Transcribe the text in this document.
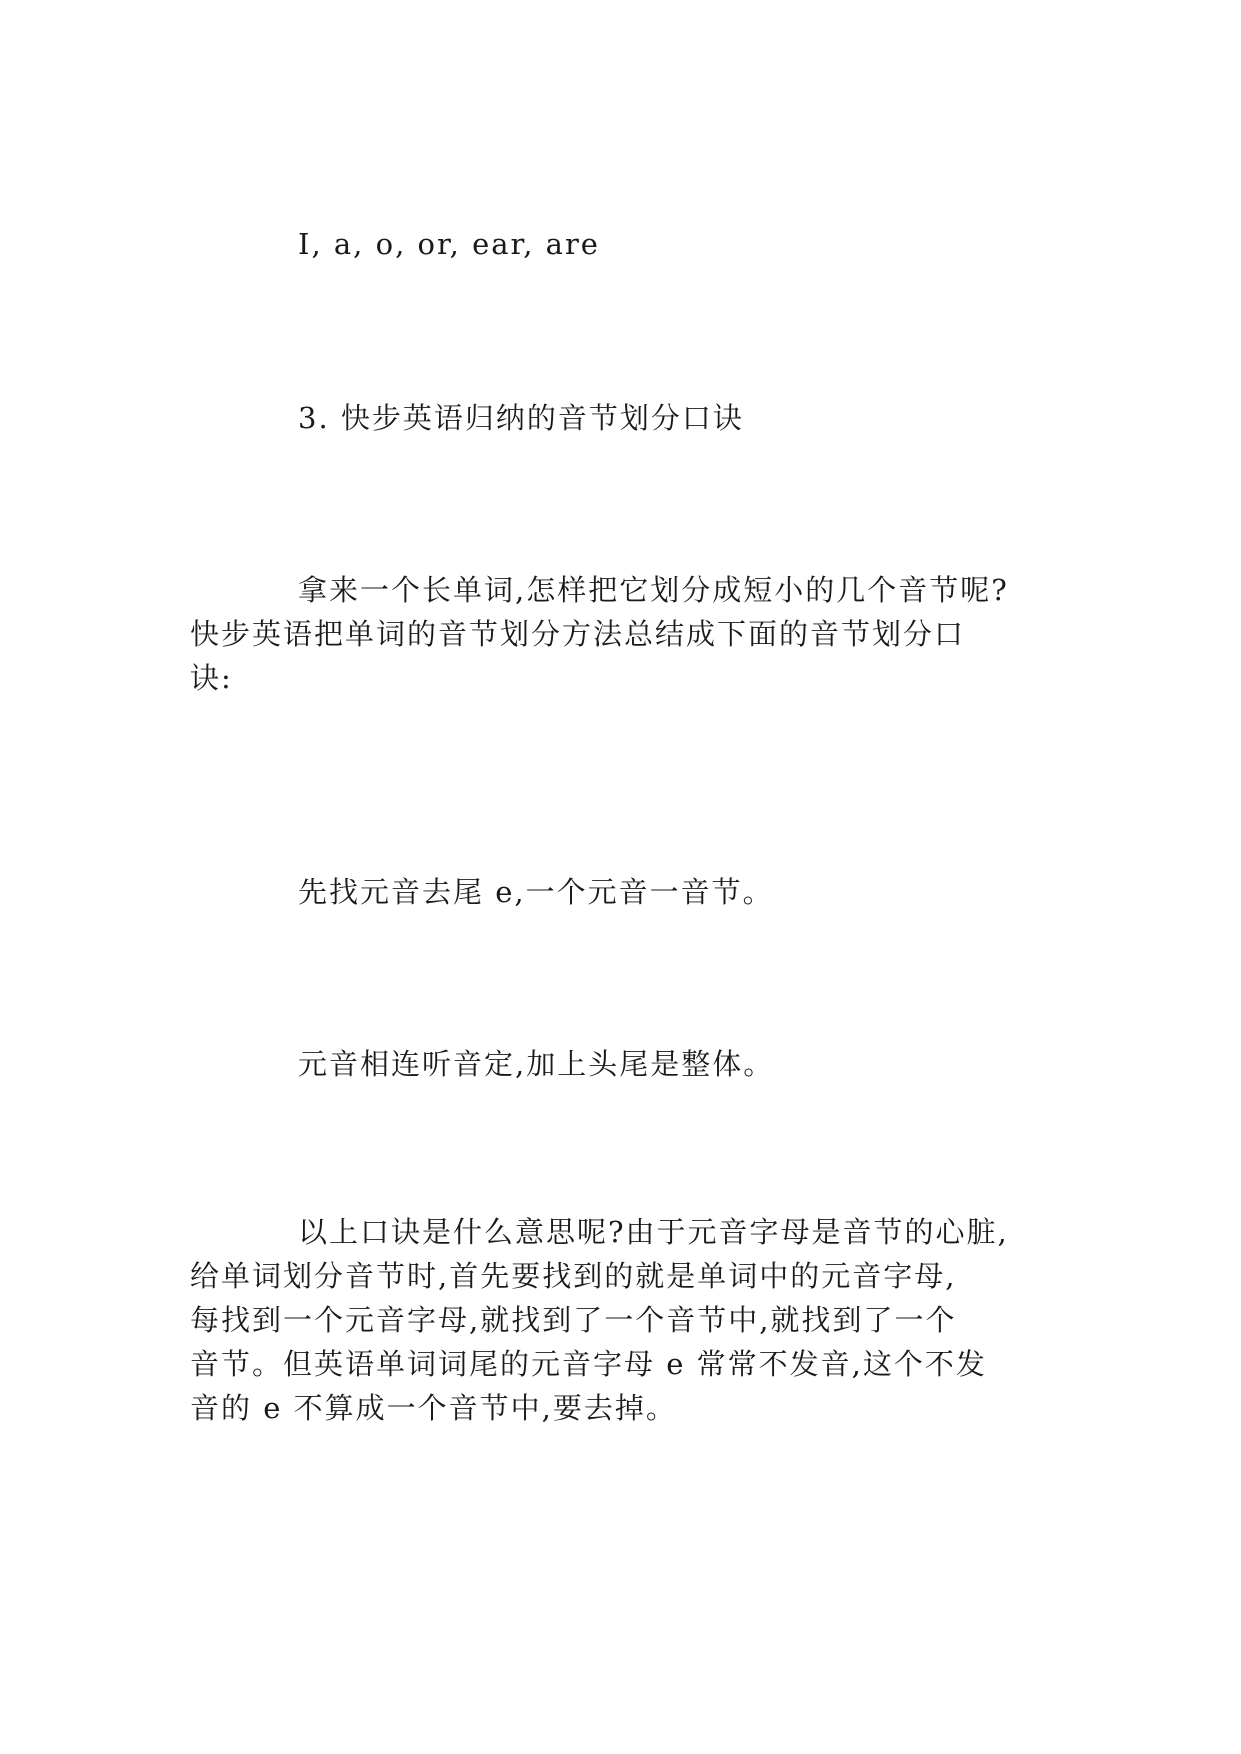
I, a, o, or, ear, are
3. 快步英语归纳的音节划分口诀
拿来一个长单词,怎样把它划分成短小的几个音节呢?
快步英语把单词的音节划分方法总结成下面的音节划分口
诀:
先找元音去尾 e,一个元音一音节。
元音相连听音定,加上头尾是整体。
以上口诀是什么意思呢?由于元音字母是音节的心脏,
给单词划分音节时,首先要找到的就是单词中的元音字母,
每找到一个元音字母,就找到了一个音节中,就找到了一个
音节。但英语单词词尾的元音字母 e 常常不发音,这个不发
音的 e 不算成一个音节中,要去掉。
